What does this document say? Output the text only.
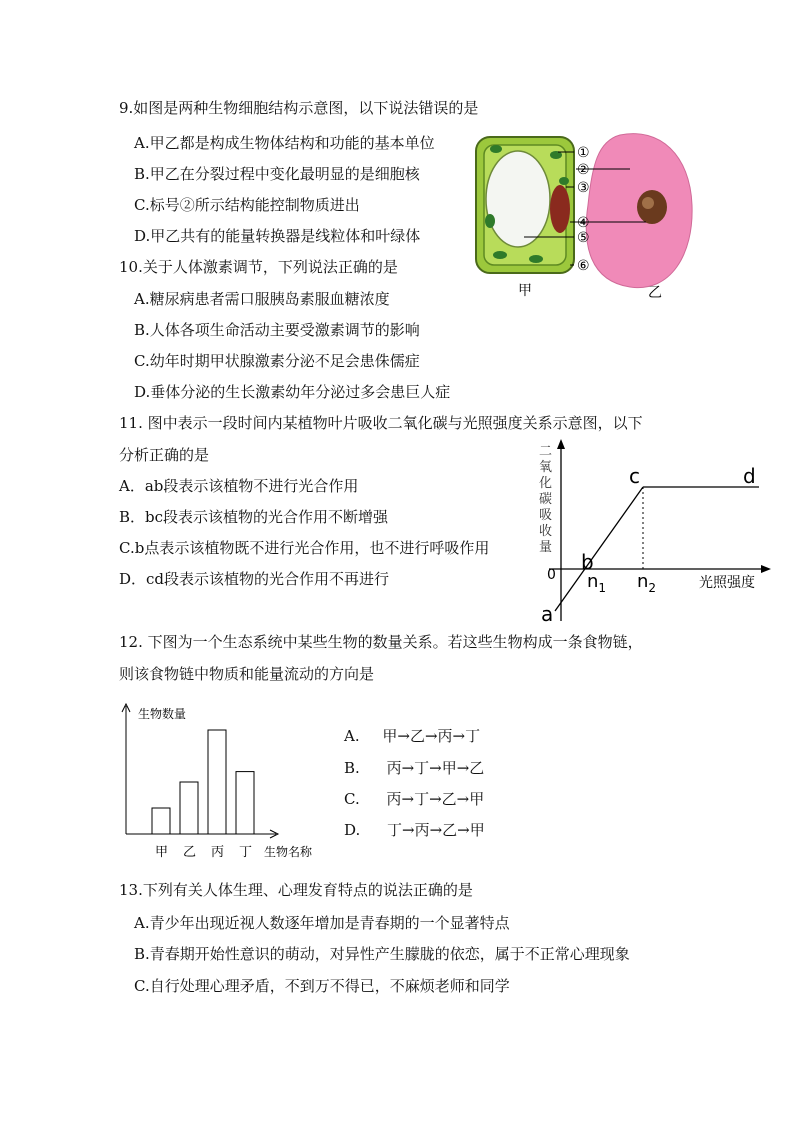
9.如图是两种生物细胞结构示意图，以下说法错误的是
A.甲乙都是构成生物体结构和功能的基本单位
B.甲乙在分裂过程中变化最明显的是细胞核
C.标号②所示结构能控制物质进出
D.甲乙共有的能量转换器是线粒体和叶绿体
①
②
③
④
⑤
⑥
甲	乙
10.关于人体激素调节，下列说法正确的是
A.糖尿病患者需口服胰岛素服血糖浓度
B.人体各项生命活动主要受激素调节的影响
C.幼年时期甲状腺激素分泌不足会患侏儒症
D.垂体分泌的生长激素幼年分泌过多会患巨人症
11. 图中表示一段时间内某植物叶片吸收二氧化碳与光照强度关系示意图，以下
分析正确的是
A．ab段表示该植物不进行光合作用
B．bc段表示该植物的光合作用不断增强
C.b点表示该植物既不进行光合作用，也不进行呼吸作用
D．cd段表示该植物的光合作用不再进行
二
氧
化
碳
吸
收
量
0
a
b
c	d
$n_1$ $n_2$	光照强度
12. 下图为一个生态系统中某些生物的数量关系。若这些生物构成一条食物链，
则该食物链中物质和能量流动的方向是
生物数量
生物名称
甲 乙 丙 丁
A. 甲→乙→丙→丁
B. 丙→丁→甲→乙
C. 丙→丁→乙→甲
D. 丁→丙→乙→甲
13.下列有关人体生理、心理发育特点的说法正确的是
A.青少年出现近视人数逐年增加是青春期的一个显著特点
B.青春期开始性意识的萌动，对异性产生朦胧的依恋，属于不正常心理现象
C.自行处理心理矛盾，不到万不得已，不麻烦老师和同学
